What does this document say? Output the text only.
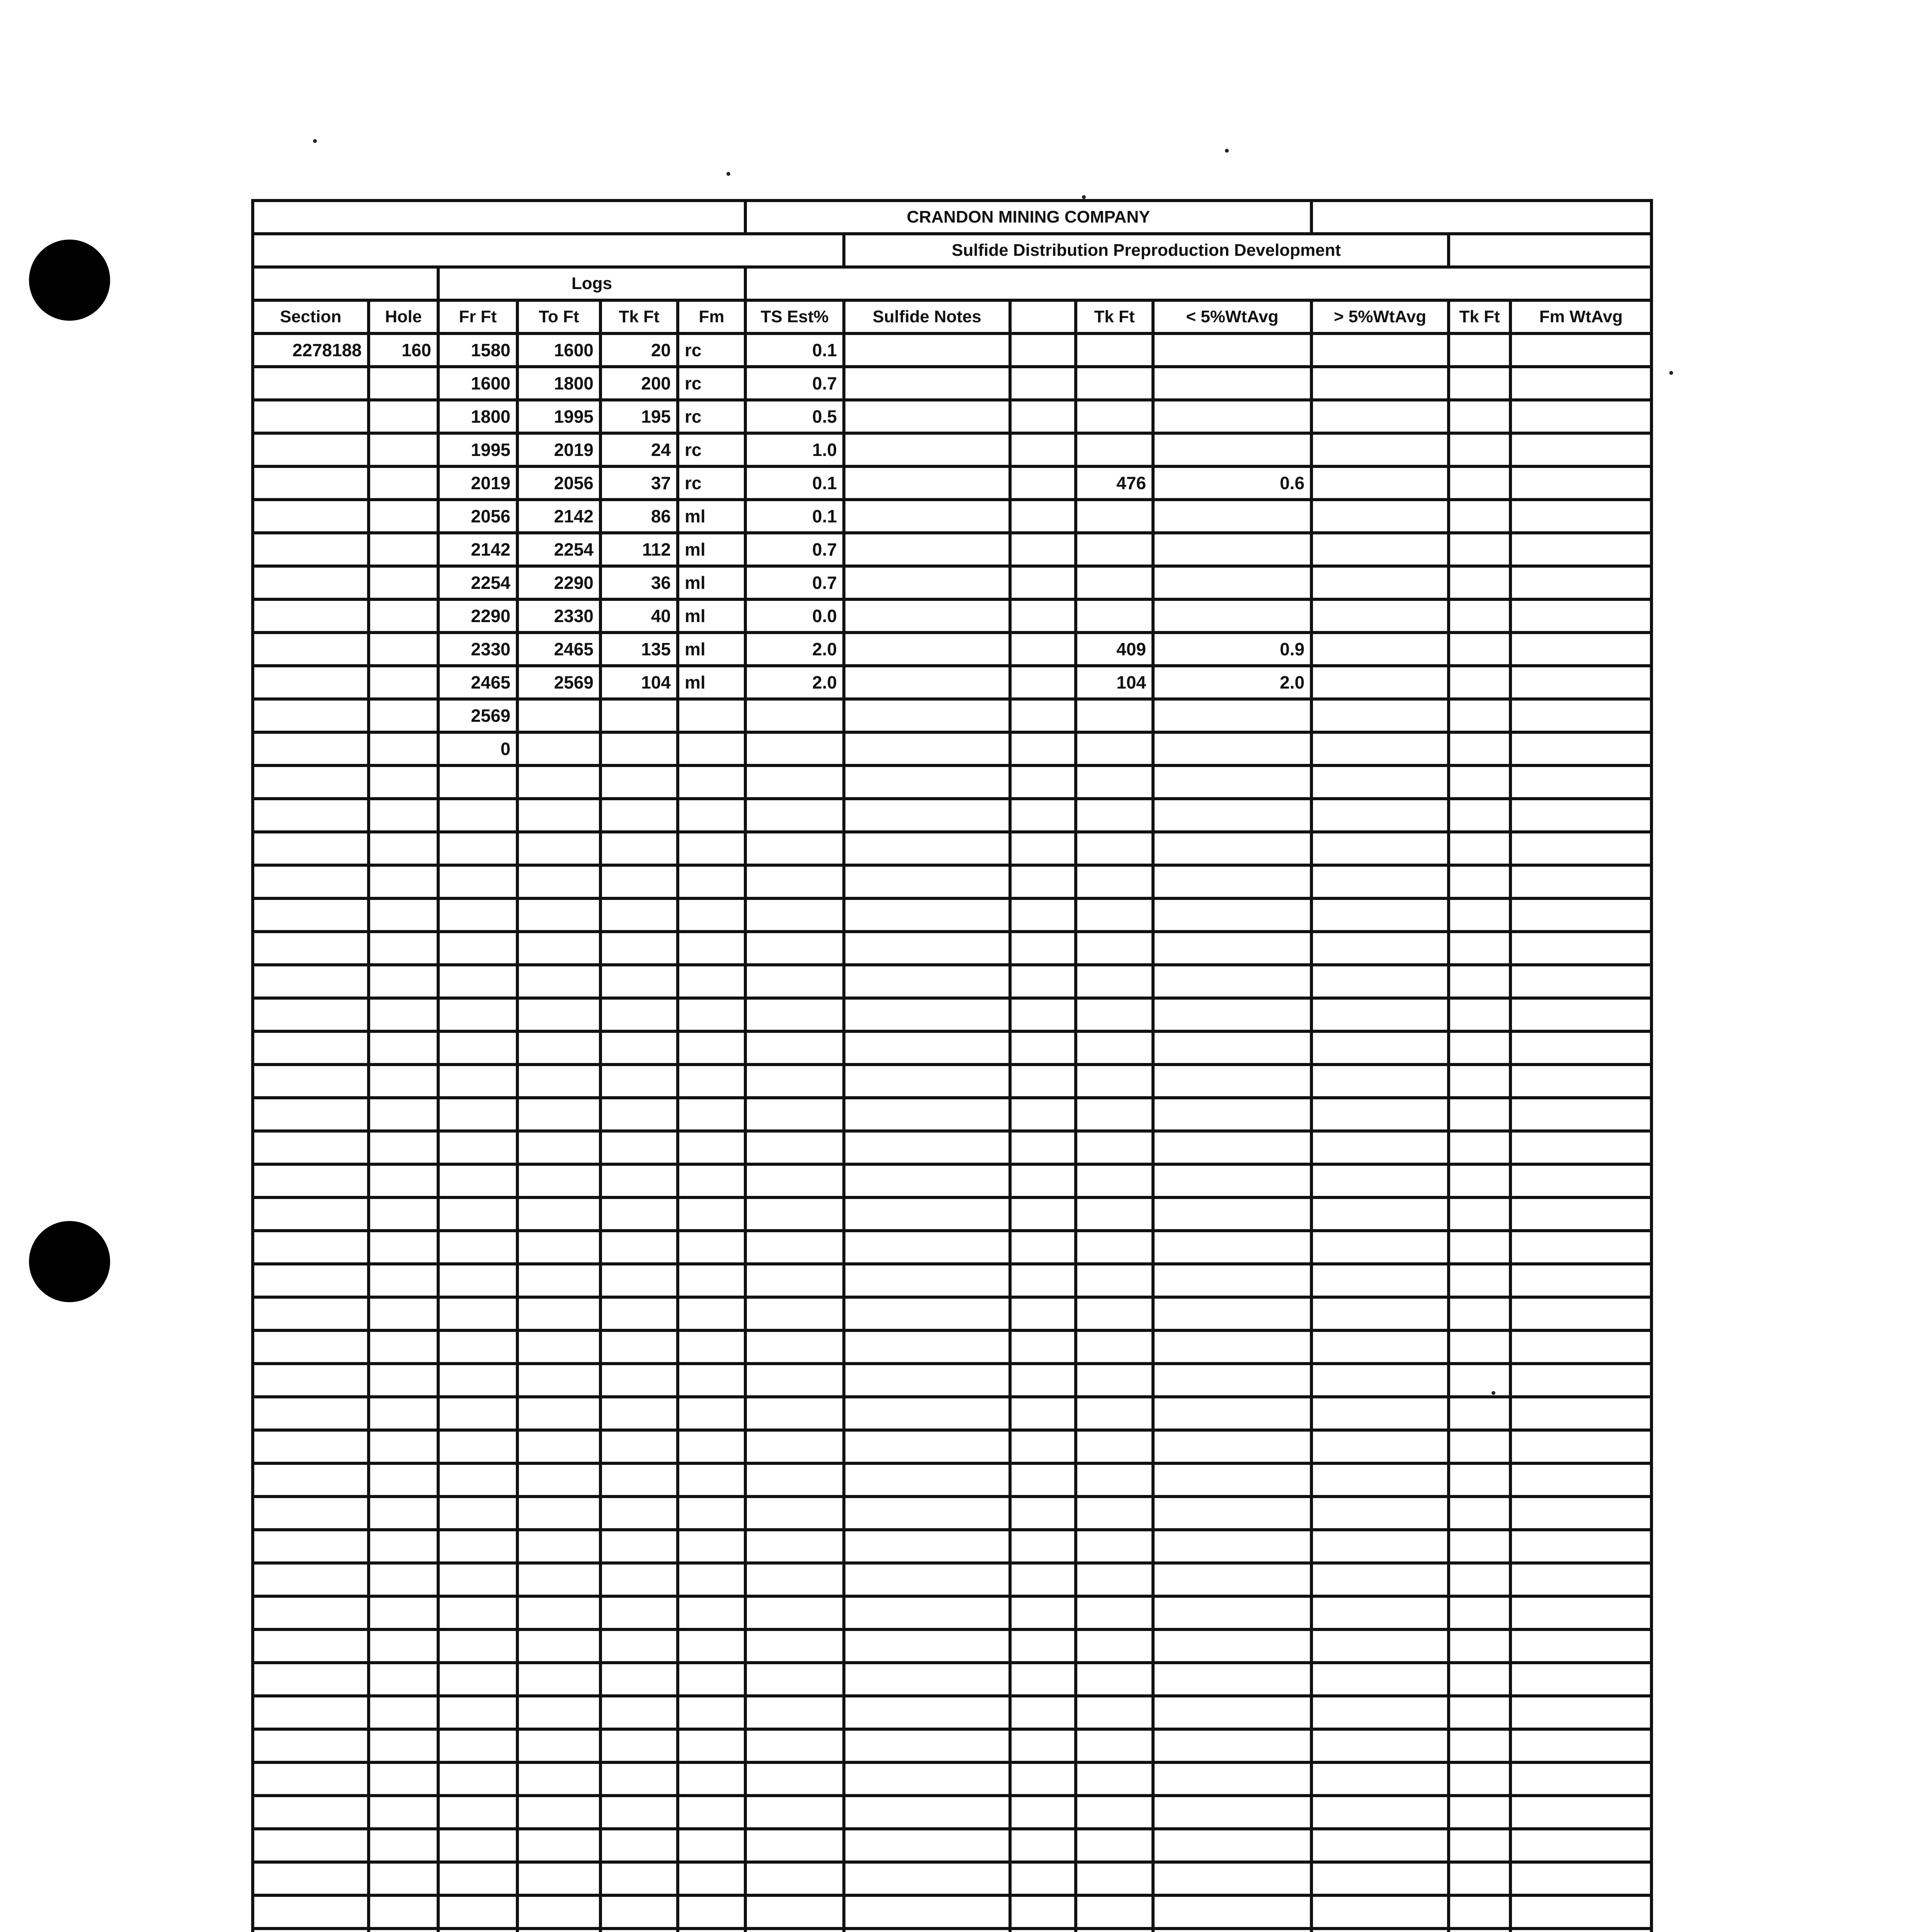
						CRANDON MINING COMPANY							
							Sulfide Distribution Preproduction Development						
		Logs											
Section	Hole	Fr Ft	To Ft	Tk Ft	Fm	TS Est%	Sulfide Notes		Tk Ft	< 5%WtAvg	> 5%WtAvg	Tk Ft	Fm WtAvg
2278188	160	1580	1600	20	rc	0.1							
		1600	1800	200	rc	0.7							
		1800	1995	195	rc	0.5							
		1995	2019	24	rc	1.0							
		2019	2056	37	rc	0.1			476	0.6			
		2056	2142	86	ml	0.1							
		2142	2254	112	ml	0.7							
		2254	2290	36	ml	0.7							
		2290	2330	40	ml	0.0							
		2330	2465	135	ml	2.0			409	0.9			
		2465	2569	104	ml	2.0			104	2.0			
		2569											
		0											
